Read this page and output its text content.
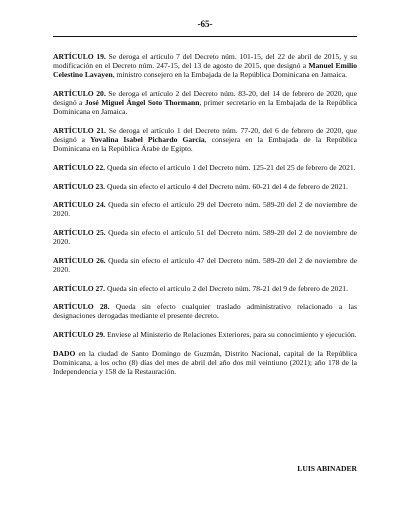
-65-

ARTÍCULO 19. Se deroga el artículo 7 del Decreto núm. 101-15, del 22 de abril de 2015, y su modificación en el Decreto núm. 247-15, del 13 de agosto de 2015, que designó a Manuel Emilio Celestino Lavayen, ministro consejero en la Embajada de la República Dominicana en Jamaica.

ARTÍCULO 20. Se deroga el artículo 2 del Decreto núm. 83-20, del 14 de febrero de 2020, que designó a José Miguel Ángel Soto Thormann, primer secretario en la Embajada de la República Dominicana en Jamaica.

ARTÍCULO 21. Se deroga el artículo 1 del Decreto núm. 77-20, del 6 de febrero de 2020, que designó a Yovalina Isabel Pichardo García, consejera en la Embajada de la República Dominicana en la República Árabe de Egipto.

ARTÍCULO 22. Queda sin efecto el artículo 1 del Decreto núm. 125-21 del 25 de febrero de 2021.

ARTÍCULO 23. Queda sin efecto el artículo 4 del Decreto núm. 60-21 del 4 de febrero de 2021.

ARTÍCULO 24. Queda sin efecto el artículo 29 del Decreto núm. 589-20 del 2 de noviembre de 2020.

ARTÍCULO 25. Queda sin efecto el artículo 51 del Decreto núm. 589-20 del 2 de noviembre de 2020.

ARTÍCULO 26. Queda sin efecto el artículo 47 del Decreto núm. 589-20 del 2 de noviembre de 2020.

ARTÍCULO 27. Queda sin efecto el artículo 2 del Decreto núm. 78-21 del 9 de febrero de 2021.

ARTÍCULO 28. Queda sin efecto cualquier traslado administrativo relacionado a las designaciones derogadas mediante el presente decreto.

ARTÍCULO 29. Envíese al Ministerio de Relaciones Exteriores, para su conocimiento y ejecución.

DADO en la ciudad de Santo Domingo de Guzmán, Distrito Nacional, capital de la República Dominicana, a los ocho (8) días del mes de abril del año dos mil veintiuno (2021); año 178 de la Independencia y 158 de la Restauración.

LUIS ABINADER
